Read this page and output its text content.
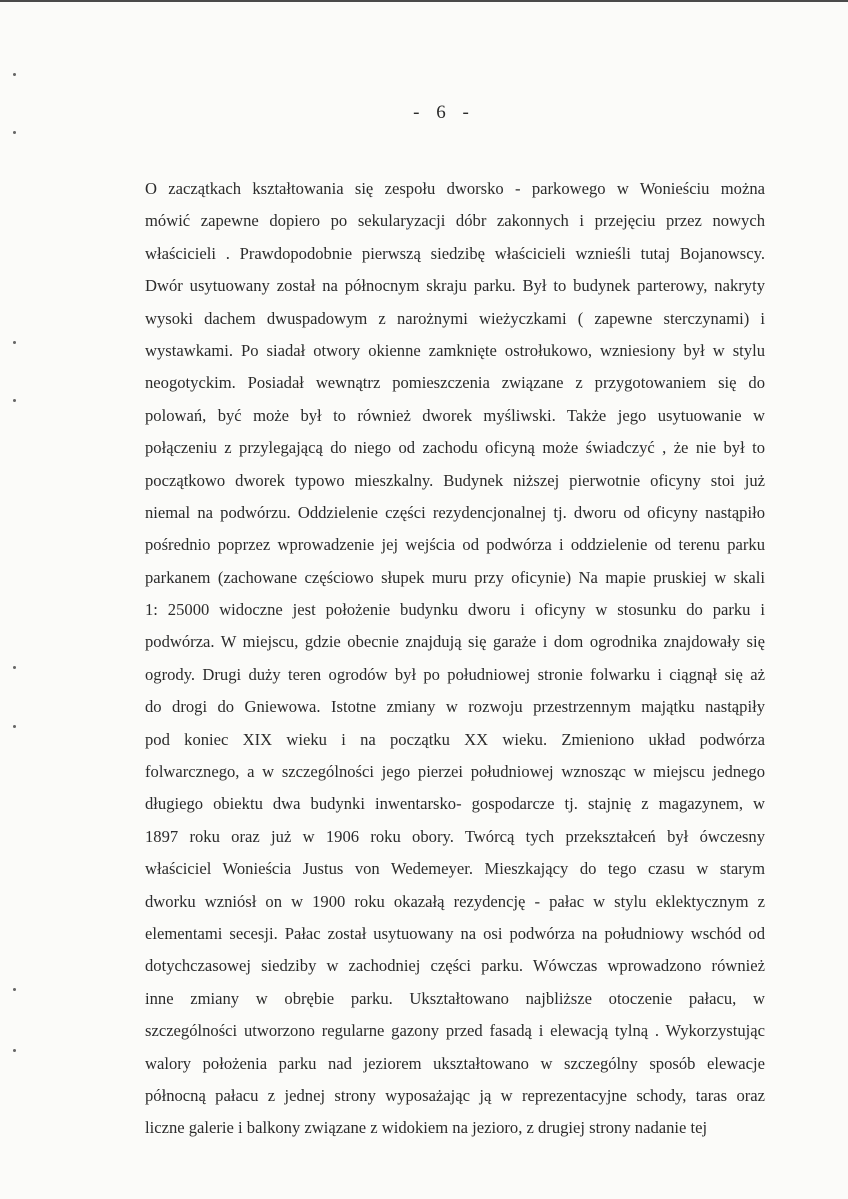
- 6 -
O zaczątkach kształtowania się zespołu dworsko - parkowego w Wonieściu można
mówić zapewne dopiero po sekularyzacji dóbr zakonnych i przejęciu przez nowych
właścicieli . Prawdopodobnie pierwszą siedzibę właścicieli wznieśli tutaj Bojanowscy.
Dwór usytuowany został na północnym skraju parku. Był to budynek parterowy, nakryty
wysoki dachem dwuspadowym z narożnymi wieżyczkami ( zapewne sterczynami) i
wystawkami. Po siadał otwory okienne zamknięte ostrołukowo, wzniesiony był w stylu
neogotyckim. Posiadał wewnątrz pomieszczenia związane z przygotowaniem się do
polowań, być może był to również dworek myśliwski. Także jego usytuowanie w
połączeniu z przylegającą do niego od zachodu oficyną może świadczyć , że nie był to
początkowo dworek typowo mieszkalny. Budynek niższej pierwotnie oficyny stoi już
niemal na podwórzu. Oddzielenie części rezydencjonalnej tj. dworu od oficyny nastąpiło
pośrednio poprzez wprowadzenie jej wejścia od podwórza i oddzielenie od terenu parku
parkanem (zachowane częściowo słupek muru przy oficynie) Na mapie pruskiej w skali
1: 25000 widoczne jest położenie budynku dworu i oficyny w stosunku do parku i
podwórza. W miejscu, gdzie obecnie znajdują się garaże i dom ogrodnika znajdowały się
ogrody. Drugi duży teren ogrodów był po południowej stronie folwarku i ciągnął się aż
do drogi do Gniewowa. Istotne zmiany w rozwoju przestrzennym majątku nastąpiły
pod koniec XIX wieku i na początku XX wieku. Zmieniono układ podwórza
folwarcznego, a w szczególności jego pierzei południowej wznosząc w miejscu jednego
długiego obiektu dwa budynki inwentarsko- gospodarcze tj. stajnię z magazynem, w
1897 roku oraz już w 1906 roku obory. Twórcą tych przekształceń był ówczesny
właściciel Wonieścia Justus von Wedemeyer. Mieszkający do tego czasu w starym
dworku wzniósł on w 1900 roku okazałą rezydencję - pałac w stylu eklektycznym z
elementami secesji. Pałac został usytuowany na osi podwórza na południowy wschód od
dotychczasowej siedziby w zachodniej części parku. Wówczas wprowadzono również
inne zmiany w obrębie parku. Ukształtowano najbliższe otoczenie pałacu, w
szczególności utworzono regularne gazony przed fasadą i elewacją tylną . Wykorzystując
walory położenia parku nad jeziorem ukształtowano w szczególny sposób elewacje
północną pałacu z jednej strony wyposażając ją w reprezentacyjne schody, taras oraz
liczne galerie i balkony związane z widokiem na jezioro, z drugiej strony nadanie tej
